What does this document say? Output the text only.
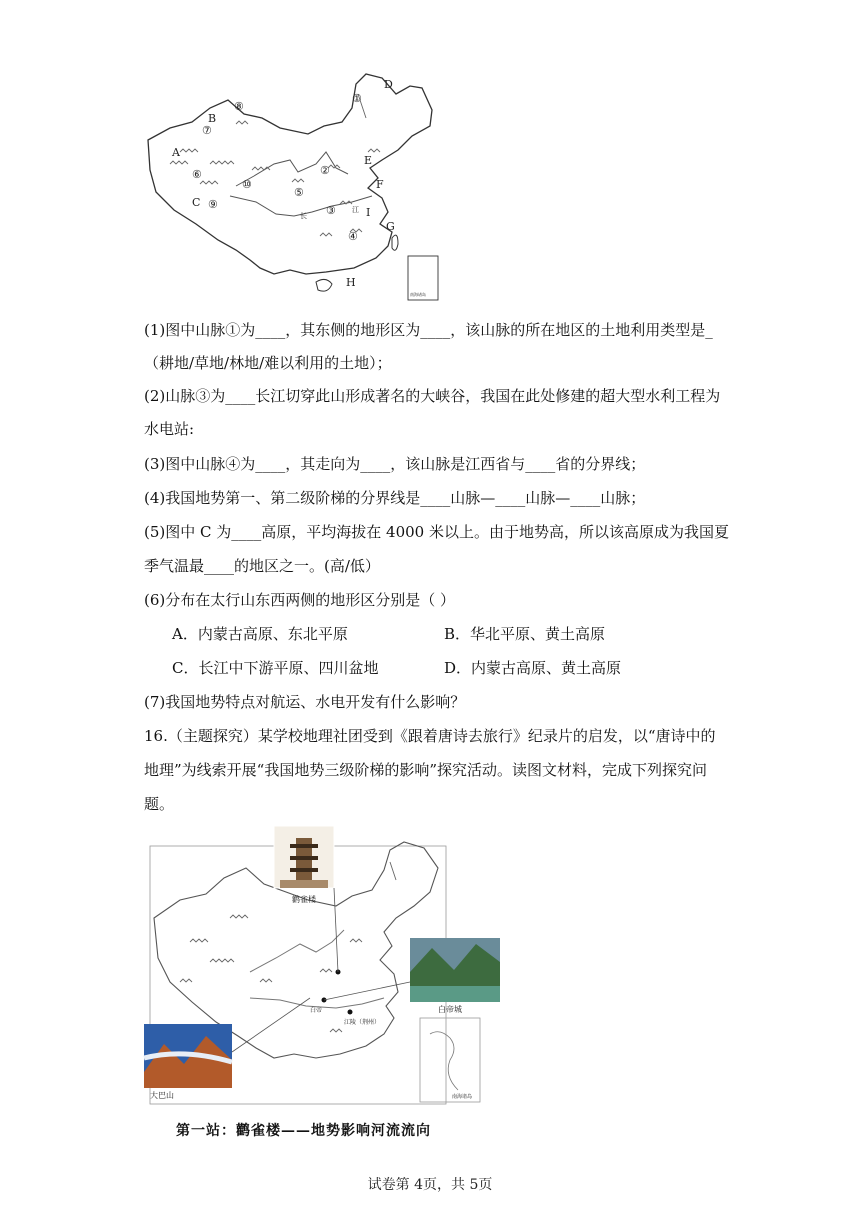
南海诸岛
A
B
C
D
E
F
G
H
I
①
②
③
④
⑤
⑥
⑦
⑧
⑨
⑩
长
江
(1)图中山脉①为____，其东侧的地形区为____，该山脉的所在地区的土地利用类型是_
（耕地/草地/林地/难以利用的土地）；
(2)山脉③为____长江切穿此山形成著名的大峡谷，我国在此处修建的超大型水利工程为
水电站:
(3)图中山脉④为____，其走向为____，该山脉是江西省与____省的分界线；
(4)我国地势第一、第二级阶梯的分界线是____山脉—____山脉—____山脉；
(5)图中 C 为____高原，平均海拔在 4000 米以上。由于地势高，所以该高原成为我国夏
季气温最____的地区之一。(高/低）
(6)分布在太行山东西两侧的地形区分别是（ ）
A．内蒙古高原、东北平原	B．华北平原、黄土高原
C．长江中下游平原、四川盆地	D．内蒙古高原、黄土高原
(7)我国地势特点对航运、水电开发有什么影响？
16.（主题探究）某学校地理社团受到《跟着唐诗去旅行》纪录片的启发，以“唐诗中的
地理”为线索开展“我国地势三级阶梯的影响”探究活动。读图文材料，完成下列探究问
题。
鹳雀楼
白帝城
大巴山
白帝
江陵（荆州）
南海诸岛
第一站：鹳雀楼——地势影响河流流向
试卷第 4页，共 5页
